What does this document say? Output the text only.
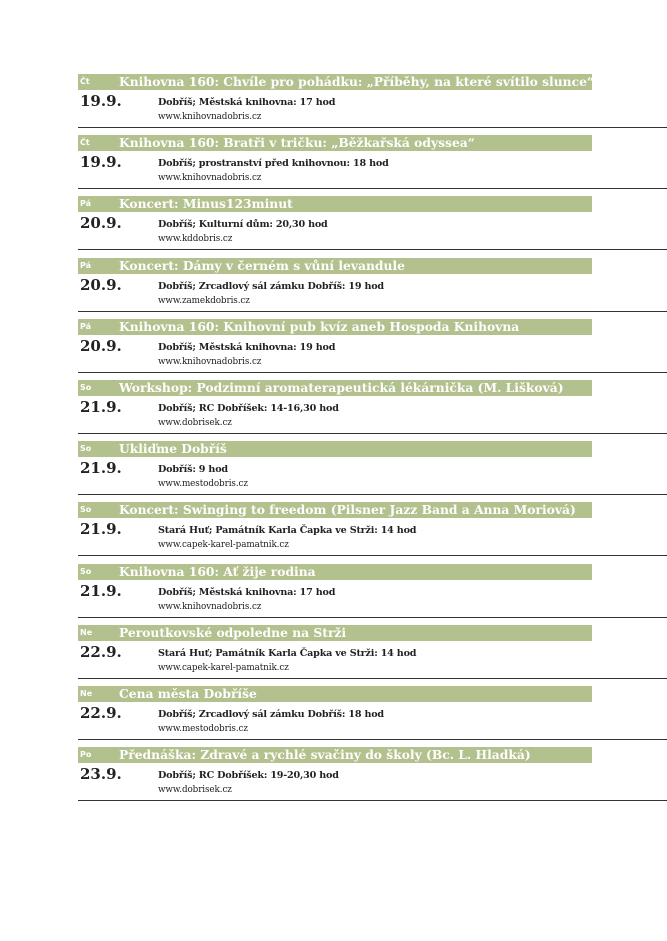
Čt Knihovna 160: Chvíle pro pohádku: „Příběhy, na které svítilo slunce“
19.9.	Dobříš; Městská knihovna: 17 hod
www.knihovnadobris.cz
Čt Knihovna 160: Bratři v tričku: „Běžkařská odyssea“
19.9.	Dobříš; prostranství před knihovnou: 18 hod
www.knihovnadobris.cz
Pá Koncert: Minus123minut
20.9.	Dobříš; Kulturní dům: 20,30 hod
www.kddobris.cz
Pá Koncert: Dámy v černém s vůní levandule
20.9.	Dobříš; Zrcadlový sál zámku Dobříš: 19 hod
www.zamekdobris.cz
Pá Knihovna 160: Knihovní pub kvíz aneb Hospoda Knihovna
20.9.	Dobříš; Městská knihovna: 19 hod
www.knihovnadobris.cz
So Workshop: Podzimní aromaterapeutická lékárnička (M. Lišková)
21.9.	Dobříš; RC Dobříšek: 14-16,30 hod
www.dobrisek.cz
So Ukliďme Dobříš
21.9.	Dobříš: 9 hod
www.mestodobris.cz
So Koncert: Swinging to freedom (Pilsner Jazz Band a Anna Moriová)
21.9.	Stará Huť; Památník Karla Čapka ve Strži: 14 hod
www.capek-karel-pamatnik.cz
So Knihovna 160: Ať žije rodina
21.9.	Dobříš; Městská knihovna: 17 hod
www.knihovnadobris.cz
Ne Peroutkovské odpoledne na Strži
22.9.	Stará Huť; Památník Karla Čapka ve Strži: 14 hod
www.capek-karel-pamatnik.cz
Ne Cena města Dobříše
22.9.	Dobříš; Zrcadlový sál zámku Dobříš: 18 hod
www.mestodobris.cz
Po Přednáška: Zdravé a rychlé svačiny do školy (Bc. L. Hladká)
23.9.	Dobříš; RC Dobříšek: 19-20,30 hod
www.dobrisek.cz
